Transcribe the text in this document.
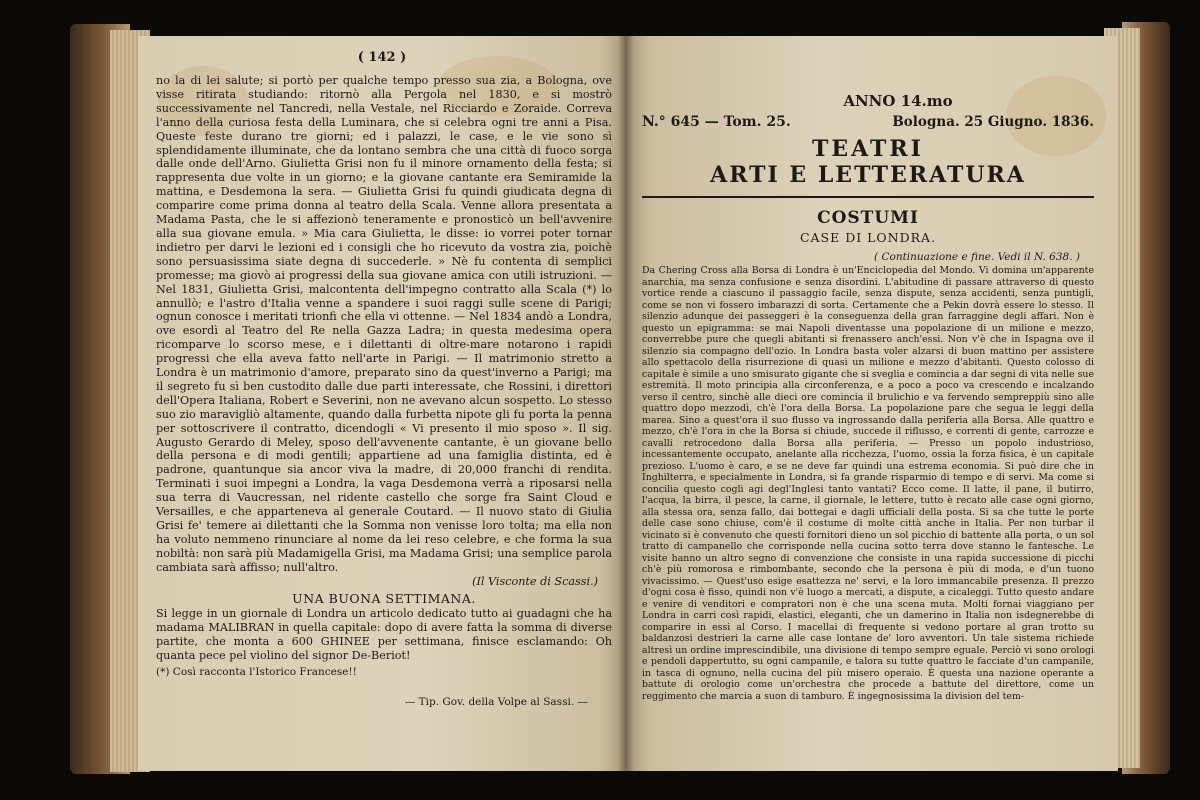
( 142 )

no la di lei salute; si portò per qualche tempo presso sua zia, a Bologna, ove visse ritirata studiando: ritornò alla Pergola nel 1830, e si mostrò successivamente nel Tancredi, nella Vestale, nel Ricciardo e Zoraide. Correva l'anno della curiosa festa della Luminara, che si celebra ogni tre anni a Pisa. Queste feste durano tre giorni; ed i palazzi, le case, e le vie sono sì splendidamente illuminate, che da lontano sembra che una città di fuoco sorga dalle onde dell'Arno. Giulietta Grisi non fu il minore ornamento della festa; si rappresenta due volte in un giorno; e la giovane cantante era Semiramide la mattina, e Desdemona la sera. — Giulietta Grisi fu quindi giudicata degna di comparire come prima donna al teatro della Scala. Venne allora presentata a Madama Pasta, che le si affezionò teneramente e pronosticò un bell'avvenire alla sua giovane emula. » Mia cara Giulietta, le disse: io vorrei poter tornar indietro per darvi le lezioni ed i consigli che ho ricevuto da vostra zia, poichè sono persuasissima siate degna di succederle. » Nè fu contenta di semplici promesse; ma giovò ai progressi della sua giovane amica con utili istruzioni. — Nel 1831, Giulietta Grisi, malcontenta dell'impegno contratto alla Scala (*) lo annullò; e l'astro d'Italia venne a spandere i suoi raggi sulle scene di Parigi; ognun conosce i meritati trionfi che ella vi ottenne. — Nel 1834 andò a Londra, ove esordì al Teatro del Re nella Gazza Ladra; in questa medesima opera ricomparve lo scorso mese, e i dilettanti di oltre-mare notarono i rapidi progressi che ella aveva fatto nell'arte in Parigi. — Il matrimonio stretto a Londra è un matrimonio d'amore, preparato sino da quest'inverno a Parigi; ma il segreto fu sì ben custodito dalle due parti interessate, che Rossini, i direttori dell'Opera Italiana, Robert e Severini, non ne avevano alcun sospetto. Lo stesso suo zio maravigliò altamente, quando dalla furbetta nipote gli fu porta la penna per sottoscrivere il contratto, dicendogli « Vi presento il mio sposo ». Il sig. Augusto Gerardo di Meley, sposo dell'avvenente cantante, è un giovane bello della persona e di modi gentili; appartiene ad una famiglia distinta, ed è padrone, quantunque sia ancor viva la madre, di 20,000 franchi di rendita. Terminati i suoi impegni a Londra, la vaga Desdemona verrà a riposarsi nella sua terra di Vaucressan, nel ridente castello che sorge fra Saint Cloud e Versailles, e che apparteneva al generale Coutard. — Il nuovo stato di Giulia Grisi fe' temere ai dilettanti che la Somma non venisse loro tolta; ma ella non ha voluto nemmeno rinunciare al nome da lei reso celebre, e che forma la sua nobiltà: non sarà più Madamigella Grisi, ma Madama Grisi; una semplice parola cambiata sarà affisso; null'altro.

(Il Visconte di Scassi.)

UNA BUONA SETTIMANA.

Si legge in un giornale di Londra un articolo dedicato tutto ai guadagni che ha madama MALIBRAN in quella capitale: dopo di avere fatta la somma di diverse partite, che monta a 600 GHINEE per settimana, finisce esclamando: Oh quanta pece pel violino del signor De-Beriot!

(*) Così racconta l'Istorico Francese!!

— Tip. Gov. della Volpe al Sassi. —

ANNO 14.mo
N.° 645 — Tom. 25.	Bologna. 25 Giugno. 1836.
TEATRI
ARTI E LETTERATURA
COSTUMI
CASE DI LONDRA.
( Continuazione e fine. Vedi il N. 638. )
Da Chering Cross alla Borsa di Londra è un'Enciclopedia del Mondo. Vi domina un'apparente anarchia, ma senza confusione e senza disordini. L'abitudine di passare attraverso di questo vortice rende a ciascuno il passaggio facile, senza dispute, senza accidenti, senza puntigli, come se non vi fossero imbarazzi di sorta. Certamente che a Pekin dovrà essere lo stesso. Il silenzio adunque dei passeggeri è la conseguenza della gran farraggine degli affari. Non è questo un epigramma: se mai Napoli diventasse una popolazione di un milione e mezzo, converrebbe pure che quegli abitanti si frenassero anch'essi. Non v'è che in Ispagna ove il silenzio sia compagno dell'ozio. In Londra basta voler alzarsi di buon mattino per assistere allo spettacolo della risurrezione di quasi un milione e mezzo d'abitanti. Questo colosso di capitale è simile a uno smisurato gigante che si sveglia e comincia a dar segni di vita nelle sue estremità. Il moto principia alla circonferenza, e a poco a poco va crescendo e incalzando verso il centro, sinchè alle dieci ore comincia il brulichio e va fervendo sempreppiù sino alle quattro dopo mezzodì, ch'è l'ora della Borsa. La popolazione pare che segua le leggi della marea. Sino a quest'ora il suo flusso va ingrossando dalla periferia alla Borsa. Alle quattro e mezzo, ch'è l'ora in che la Borsa si chiude, succede il riflusso, e correnti di gente, carrozze e cavalli retrocedono dalla Borsa alla periferia. — Presso un popolo industrioso, incessantemente occupato, anelante alla ricchezza, l'uomo, ossia la forza fisica, è un capitale prezioso. L'uomo è caro, e se ne deve far quindi una estrema economia. Si può dire che in Inghilterra, e specialmente in Londra, si fa grande risparmio di tempo e di servi. Ma come si concilia questo cogli agi degl'Inglesi tanto vantati? Ecco come. Il latte, il pane, il butirro, l'acqua, la birra, il pesce, la carne, il giornale, le lettere, tutto è recato alle case ogni giorno, alla stessa ora, senza fallo, dai bottegai e dagli ufficiali della posta. Si sa che tutte le porte delle case sono chiuse, com'è il costume di molte città anche in Italia. Per non turbar il vicinato si è convenuto che questi fornitori dieno un sol picchio di battente alla porta, o un sol tratto di campanello che corrisponde nella cucina sotto terra dove stanno le fantesche. Le visite hanno un altro segno di convenzione che consiste in una rapida successione di picchi ch'è più romorosa e rimbombante, secondo che la persona è più di moda, e d'un tuono vivacissimo. — Quest'uso esige esattezza ne' servi, e la loro immancabile presenza. Il prezzo d'ogni cosa è fisso, quindi non v'è luogo a mercati, a dispute, a cicaleggi. Tutto questo andare e venire di venditori e compratori non è che una scena muta. Molti fornai viaggiano per Londra in carri così rapidi, elastici, eleganti, che un damerino in Italia non isdegnerebbe di comparire in essi al Corso. I macellai di frequente si vedono portare al gran trotto su baldanzosi destrieri la carne alle case lontane de' loro avventori. Un tale sistema richiede altresì un ordine imprescindibile, una divisione di tempo sempre eguale. Perciò vi sono orologi e pendoli dappertutto, su ogni campanile, e talora su tutte quattro le facciate d'un campanile, in tasca di ognuno, nella cucina del più misero operaio. È questa una nazione operante a battute di orologio come un'orchestra che procede a battute del direttore, come un reggimento che marcia a suon di tamburo. È ingegnosissima la division del tem-
